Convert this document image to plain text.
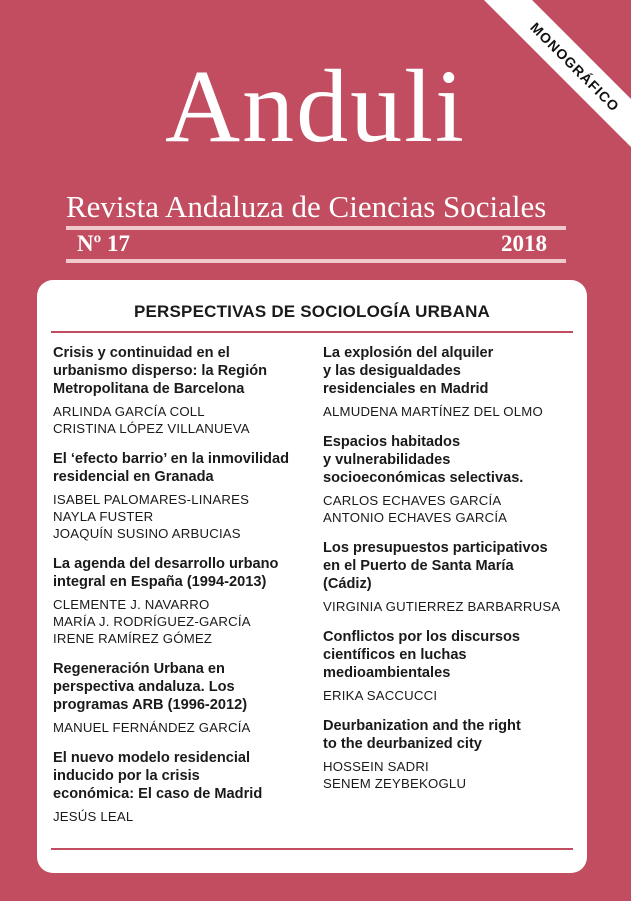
Anduli
Revista Andaluza de Ciencias Sociales
Nº 17	2018
MONOGRÁFICO
PERSPECTIVAS DE SOCIOLOGÍA URBANA
Crisis y continuidad en el
urbanismo disperso: la Región
Metropolitana de Barcelona
ARLINDA GARCÍA COLL
CRISTINA LÓPEZ VILLANUEVA
El ‘efecto barrio’ en la inmovilidad
residencial en Granada
ISABEL PALOMARES-LINARES
NAYLA FUSTER
JOAQUÍN SUSINO ARBUCIAS
La agenda del desarrollo urbano
integral en España (1994-2013)
CLEMENTE J. NAVARRO
MARÍA J. RODRÍGUEZ-GARCÍA
IRENE RAMÍREZ GÓMEZ
Regeneración Urbana en
perspectiva andaluza. Los
programas ARB (1996-2012)
MANUEL FERNÁNDEZ GARCÍA
El nuevo modelo residencial
inducido por la crisis
económica: El caso de Madrid
JESÚS LEAL
La explosión del alquiler
y las desigualdades
residenciales en Madrid
ALMUDENA MARTÍNEZ DEL OLMO
Espacios habitados
y vulnerabilidades
socioeconómicas selectivas.
CARLOS ECHAVES GARCÍA
ANTONIO ECHAVES GARCÍA
Los presupuestos participativos
en el Puerto de Santa María
(Cádiz)
VIRGINIA GUTIERREZ BARBARRUSA
Conflictos por los discursos
científicos en luchas
medioambientales
ERIKA SACCUCCI
Deurbanization and the right
to the deurbanized city
HOSSEIN SADRI
SENEM ZEYBEKOGLU
